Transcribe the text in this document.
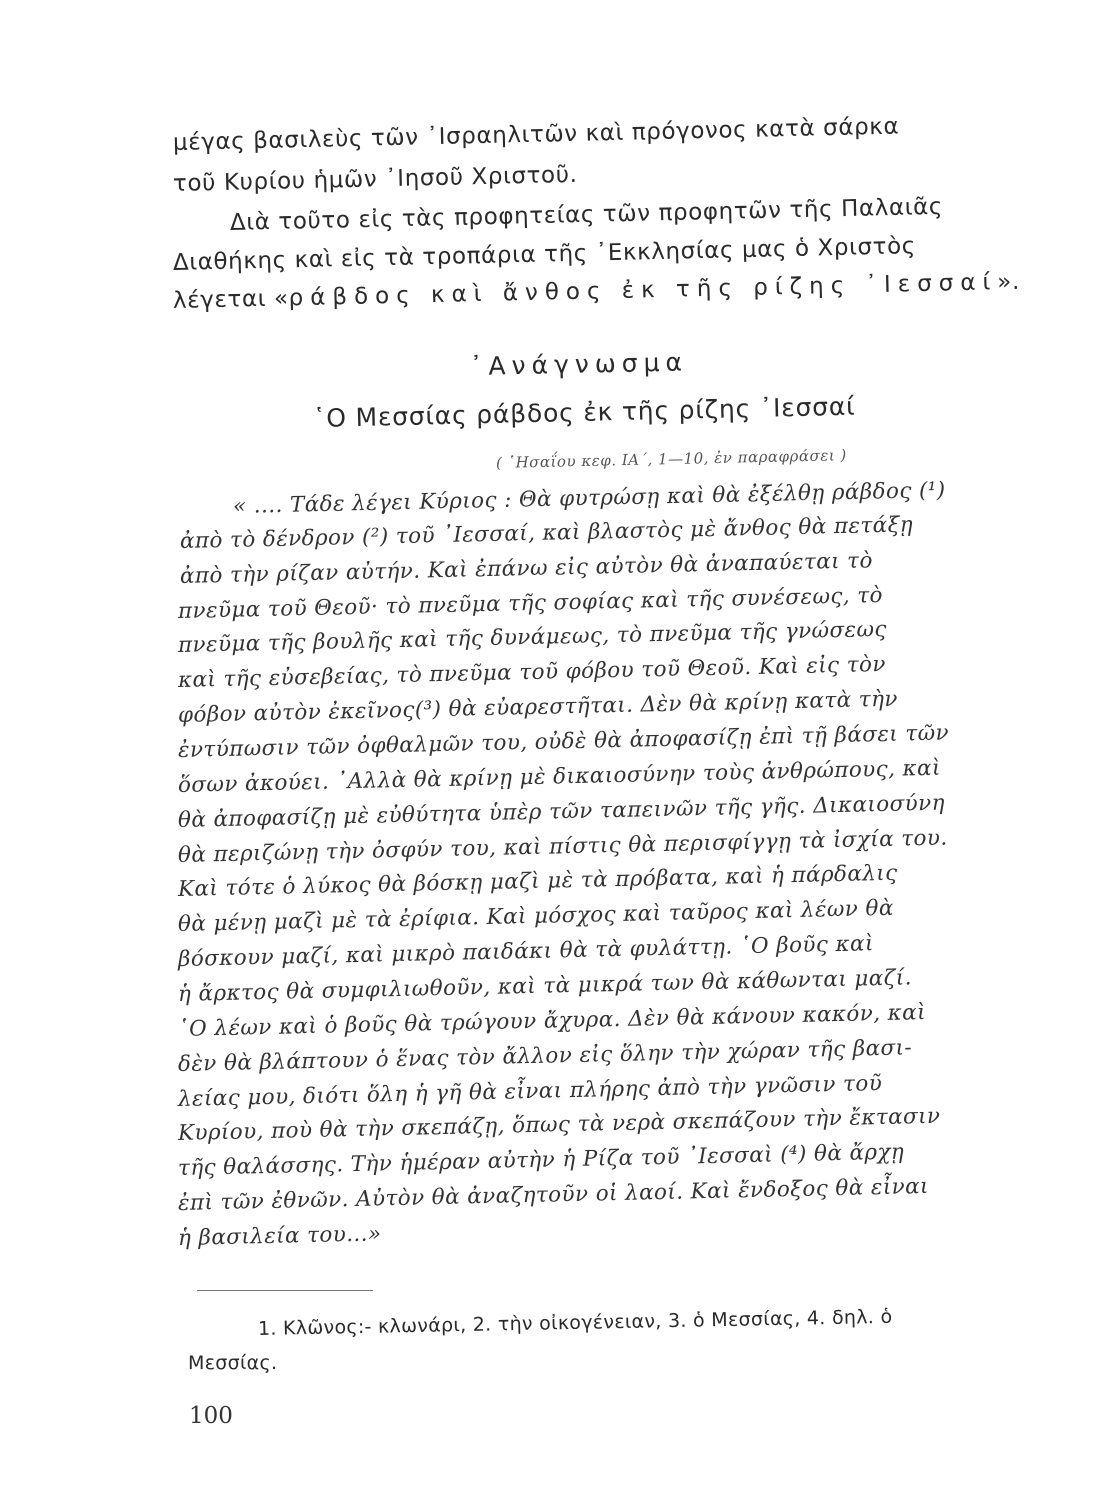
μέγας βασιλεὺς τῶν ᾿Ισραηλιτῶν καὶ πρόγονος κατὰ σάρκα
τοῦ Κυρίου ἡμῶν ᾿Ιησοῦ Χριστοῦ.
Διὰ τοῦτο εἰς τὰς προφητείας τῶν προφητῶν τῆς Παλαιᾶς
Διαθήκης καὶ εἰς τὰ τροπάρια τῆς ᾿Εκκλησίας μας ὁ Χριστὸς
λέγεται «ράβδος καὶ ἄνθος ἐκ τῆς ρίζης ᾿Ιεσσαί».
᾿Ανάγνωσμα
῾Ο Μεσσίας ράβδος ἐκ τῆς ρίζης ᾿Ιεσσαί
( ῾Ησαΐου κεφ. ΙΑ΄, 1—10, ἐν παραφράσει )
« .... Τάδε λέγει Κύριος : Θὰ φυτρώσῃ καὶ θὰ ἐξέλθῃ ράβδος (¹)
ἀπὸ τὸ δένδρον (²) τοῦ ᾿Ιεσσαί, καὶ βλαστὸς μὲ ἄνθος θὰ πετάξῃ
ἀπὸ τὴν ρίζαν αὐτήν. Καὶ ἐπάνω εἰς αὐτὸν θὰ ἀναπαύεται τὸ
πνεῦμα τοῦ Θεοῦ· τὸ πνεῦμα τῆς σοφίας καὶ τῆς συνέσεως, τὸ
πνεῦμα τῆς βουλῆς καὶ τῆς δυνάμεως, τὸ πνεῦμα τῆς γνώσεως
καὶ τῆς εὐσεβείας, τὸ πνεῦμα τοῦ φόβου τοῦ Θεοῦ. Καὶ εἰς τὸν
φόβον αὐτὸν ἐκεῖνος(³) θὰ εὐαρεστῆται. Δὲν θὰ κρίνῃ κατὰ τὴν
ἐντύπωσιν τῶν ὀφθαλμῶν του, οὐδὲ θὰ ἀποφασίζῃ ἐπὶ τῇ βάσει τῶν
ὅσων ἀκούει. ᾿Αλλὰ θὰ κρίνῃ μὲ δικαιοσύνην τοὺς ἀνθρώπους, καὶ
θὰ ἀποφασίζῃ μὲ εὐθύτητα ὑπὲρ τῶν ταπεινῶν τῆς γῆς. Δικαιοσύνη
θὰ περιζώνῃ τὴν ὀσφύν του, καὶ πίστις θὰ περισφίγγῃ τὰ ἰσχία του.
Καὶ τότε ὁ λύκος θὰ βόσκῃ μαζὶ μὲ τὰ πρόβατα, καὶ ἡ πάρδαλις
θὰ μένῃ μαζὶ μὲ τὰ ἐρίφια. Καὶ μόσχος καὶ ταῦρος καὶ λέων θὰ
βόσκουν μαζί, καὶ μικρὸ παιδάκι θὰ τὰ φυλάττῃ. ῾Ο βοῦς καὶ
ἡ ἄρκτος θὰ συμφιλιωθοῦν, καὶ τὰ μικρά των θὰ κάθωνται μαζί.
῾Ο λέων καὶ ὁ βοῦς θὰ τρώγουν ἄχυρα. Δὲν θὰ κάνουν κακόν, καὶ
δὲν θὰ βλάπτουν ὁ ἕνας τὸν ἄλλον εἰς ὅλην τὴν χώραν τῆς βασι-
λείας μου, διότι ὅλη ἡ γῆ θὰ εἶναι πλήρης ἀπὸ τὴν γνῶσιν τοῦ
Κυρίου, ποὺ θὰ τὴν σκεπάζῃ, ὅπως τὰ νερὰ σκεπάζουν τὴν ἔκτασιν
τῆς θαλάσσης. Τὴν ἡμέραν αὐτὴν ἡ Ρίζα τοῦ ᾿Ιεσσαὶ (⁴) θὰ ἄρχῃ
ἐπὶ τῶν ἐθνῶν. Αὐτὸν θὰ ἀναζητοῦν οἱ λαοί. Καὶ ἔνδοξος θὰ εἶναι
ἡ βασιλεία του...»
1. Κλῶνος:- κλωνάρι, 2. τὴν οἰκογένειαν, 3. ὁ Μεσσίας, 4. δηλ. ὁ
Μεσσίας.
100
